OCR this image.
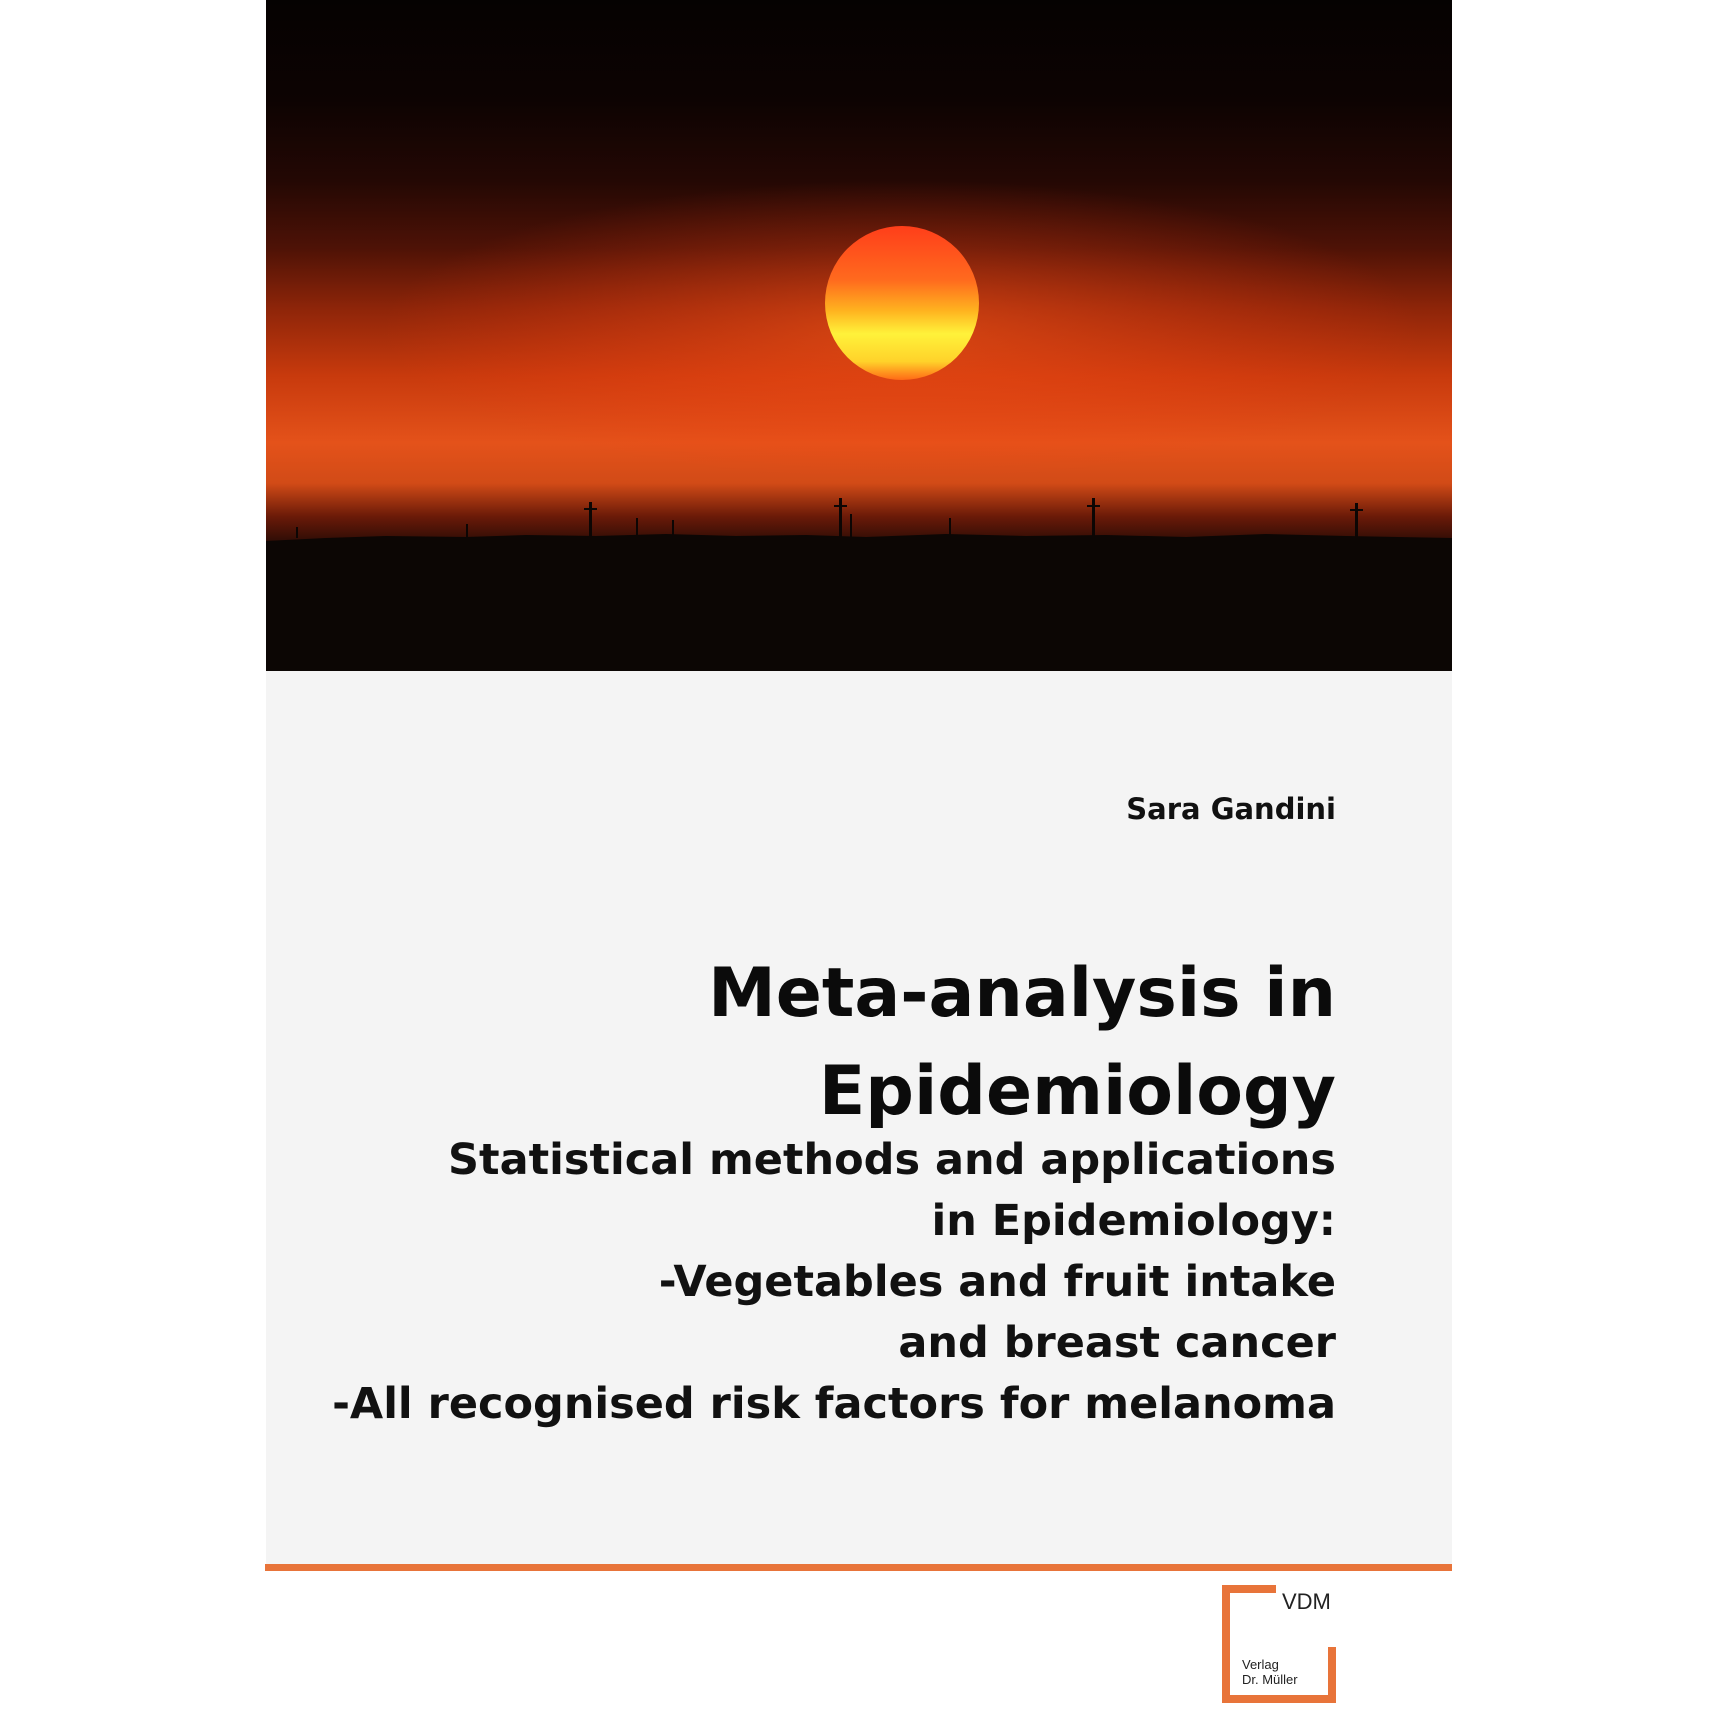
Sara Gandini
Meta-analysis in
Epidemiology
Statistical methods and applications
in Epidemiology:
-Vegetables and fruit intake
and breast cancer
-All recognised risk factors for melanoma
VDM
Verlag
Dr. Müller
